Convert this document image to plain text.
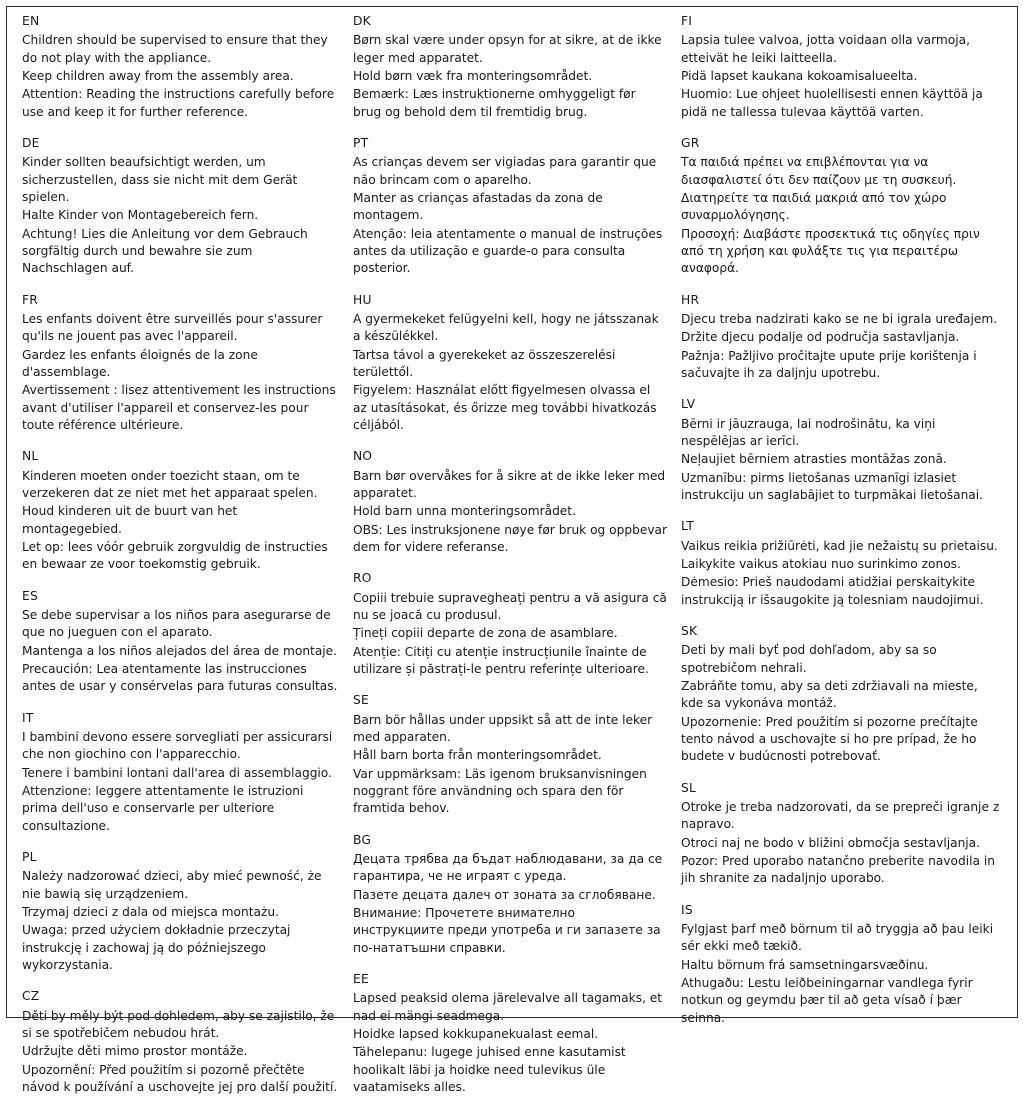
EN

Children should be supervised to ensure that they do not play with the appliance.

Keep children away from the assembly area.

Attention: Reading the instructions carefully before use and keep it for further reference.

DE

Kinder sollten beaufsichtigt werden, um sicherzustellen, dass sie nicht mit dem Gerät spielen.

Halte Kinder von Montagebereich fern.

Achtung! Lies die Anleitung vor dem Gebrauch sorgfältig durch und bewahre sie zum Nachschlagen auf.

FR

Les enfants doivent être surveillés pour s'assurer qu'ils ne jouent pas avec l'appareil.

Gardez les enfants éloignés de la zone d'assemblage.

Avertissement : lisez attentivement les instructions avant d'utiliser l'appareil et conservez-les pour toute référence ultérieure.

NL

Kinderen moeten onder toezicht staan, om te verzekeren dat ze niet met het apparaat spelen.

Houd kinderen uit de buurt van het montagegebied.

Let op: lees vóór gebruik zorgvuldig de instructies en bewaar ze voor toekomstig gebruik.

ES

Se debe supervisar a los niños para asegurarse de que no jueguen con el aparato.

Mantenga a los niños alejados del área de montaje.

Precaución: Lea atentamente las instrucciones antes de usar y consérvelas para futuras consultas.

IT

I bambini devono essere sorvegliati per assicurarsi che non giochino con l'apparecchio.

Tenere i bambini lontani dall'area di assemblaggio.

Attenzione: leggere attentamente le istruzioni prima dell'uso e conservarle per ulteriore consultazione.

PL

Należy nadzorować dzieci, aby mieć pewność, że nie bawią się urządzeniem.

Trzymaj dzieci z dala od miejsca montażu.

Uwaga: przed użyciem dokładnie przeczytaj instrukcję i zachowaj ją do późniejszego wykorzystania.

CZ

Děti by měly být pod dohledem, aby se zajistilo, že si se spotřebičem nebudou hrát.

Udržujte děti mimo prostor montáže.

Upozornění: Před použitím si pozorně přečtěte návod k používání a uschovejte jej pro další použití.

DK

Børn skal være under opsyn for at sikre, at de ikke leger med apparatet.

Hold børn væk fra monteringsområdet.

Bemærk: Læs instruktionerne omhyggeligt før brug og behold dem til fremtidig brug.

PT

As crianças devem ser vigiadas para garantir que não brincam com o aparelho.

Manter as crianças afastadas da zona de montagem.

Atenção: leia atentamente o manual de instruções antes da utilização e guarde-o para consulta posterior.

HU

A gyermekeket felügyelni kell, hogy ne játsszanak a készülékkel.

Tartsa távol a gyerekeket az összeszerelési területtől.

Figyelem: Használat előtt figyelmesen olvassa el az utasításokat, és őrizze meg további hivatkozás céljából.

NO

Barn bør overvåkes for å sikre at de ikke leker med apparatet.

Hold barn unna monteringsområdet.

OBS: Les instruksjonene nøye før bruk og oppbevar dem for videre referanse.

RO

Copiii trebuie supravegheați pentru a vă asigura că nu se joacă cu produsul.

Țineți copiii departe de zona de asamblare.

Atenție: Citiți cu atenție instrucțiunile înainte de utilizare și păstrați-le pentru referințe ulterioare.

SE

Barn bör hållas under uppsikt så att de inte leker med apparaten.

Håll barn borta från monteringsområdet.

Var uppmärksam: Läs igenom bruksanvisningen noggrant före användning och spara den för framtida behov.

BG

Децата трябва да бъдат наблюдавани, за да се гарантира, че не играят с уреда.

Пазете децата далеч от зоната за сглобяване.

Внимание: Прочетете внимателно инструкциите преди употреба и ги запазете за по-нататъшни справки.

EE

Lapsed peaksid olema järelevalve all tagamaks, et nad ei mängi seadmega.

Hoidke lapsed kokkupanekualast eemal.

Tähelepanu: lugege juhised enne kasutamist hoolikalt läbi ja hoidke need tulevikus üle vaatamiseks alles.

FI

Lapsia tulee valvoa, jotta voidaan olla varmoja, etteivät he leiki laitteella.

Pidä lapset kaukana kokoamisalueelta.

Huomio: Lue ohjeet huolellisesti ennen käyttöä ja pidä ne tallessa tulevaa käyttöä varten.

GR

Τα παιδιά πρέπει να επιβλέπονται για να διασφαλιστεί ότι δεν παίζουν με τη συσκευή.

Διατηρείτε τα παιδιά μακριά από τον χώρο συναρμολόγησης.

Προσοχή: Διαβάστε προσεκτικά τις οδηγίες πριν από τη χρήση και φυλάξτε τις για περαιτέρω αναφορά.

HR

Djecu treba nadzirati kako se ne bi igrala uređajem.

Držite djecu podalje od područja sastavljanja.

Pažnja: Pažljivo pročitajte upute prije korištenja i sačuvajte ih za daljnju upotrebu.

LV

Bērni ir jāuzrauga, lai nodrošinātu, ka viņi nespēlējas ar ierīci.

Neļaujiet bērniem atrasties montāžas zonā.

Uzmanību: pirms lietošanas uzmanīgi izlasiet instrukciju un saglabājiet to turpmākai lietošanai.

LT

Vaikus reikia prižiūrėti, kad jie nežaistų su prietaisu.

Laikykite vaikus atokiau nuo surinkimo zonos.

Dėmesio: Prieš naudodami atidžiai perskaitykite instrukciją ir išsaugokite ją tolesniam naudojimui.

SK

Deti by mali byť pod dohľadom, aby sa so spotrebičom nehrali.

Zabráňte tomu, aby sa deti zdržiavali na mieste, kde sa vykonáva montáž.

Upozornenie: Pred použitím si pozorne prečítajte tento návod a uschovajte si ho pre prípad, že ho budete v budúcnosti potrebovať.

SL

Otroke je treba nadzorovati, da se prepreči igranje z napravo.

Otroci naj ne bodo v bližini območja sestavljanja.

Pozor: Pred uporabo natančno preberite navodila in jih shranite za nadaljnjo uporabo.

IS

Fylgjast þarf með börnum til að tryggja að þau leiki sér ekki með tækið.

Haltu börnum frá samsetningarsvæðinu.

Athugaðu: Lestu leiðbeiningarnar vandlega fyrir notkun og geymdu þær til að geta vísað í þær seinna.
